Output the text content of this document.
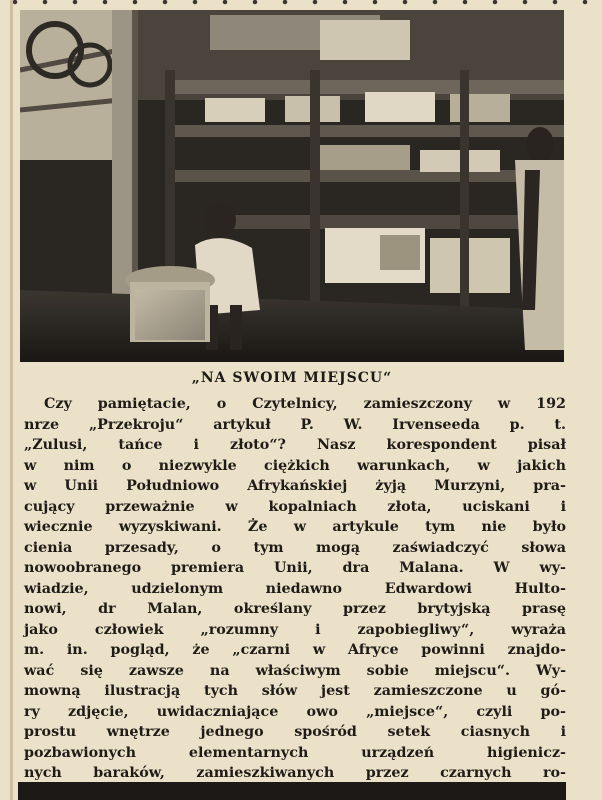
„NA SWOIM MIEJSCU“
Czy pamiętacie, o Czytelnicy, zamieszczony w 192
nrze „Przekroju“ artykuł P. W. Irvenseeda p. t.
„Zulusi, tańce i złoto“? Nasz korespondent pisał
w nim o niezwykle ciężkich warunkach, w jakich
w Unii Południowo Afrykańskiej żyją Murzyni, pra-
cujący przeważnie w kopalniach złota, uciskani i
wiecznie wyzyskiwani. Że w artykule tym nie było
cienia przesady, o tym mogą zaświadczyć słowa
nowoobranego premiera Unii, dra Malana. W wy-
wiadzie, udzielonym niedawno Edwardowi Hulto-
nowi, dr Malan, określany przez brytyjską prasę
jako człowiek „rozumny i zapobiegliwy“, wyraża
m. in. pogląd, że „czarni w Afryce powinni znajdo-
wać się zawsze na właściwym sobie miejscu“. Wy-
mowną ilustracją tych słów jest zamieszczone u gó-
ry zdjęcie, uwidaczniające owo „miejsce“, czyli po-
prostu wnętrze jednego spośród setek ciasnych i
pozbawionych elementarnych urządzeń higienicz-
nych baraków, zamieszkiwanych przez czarnych ro-
